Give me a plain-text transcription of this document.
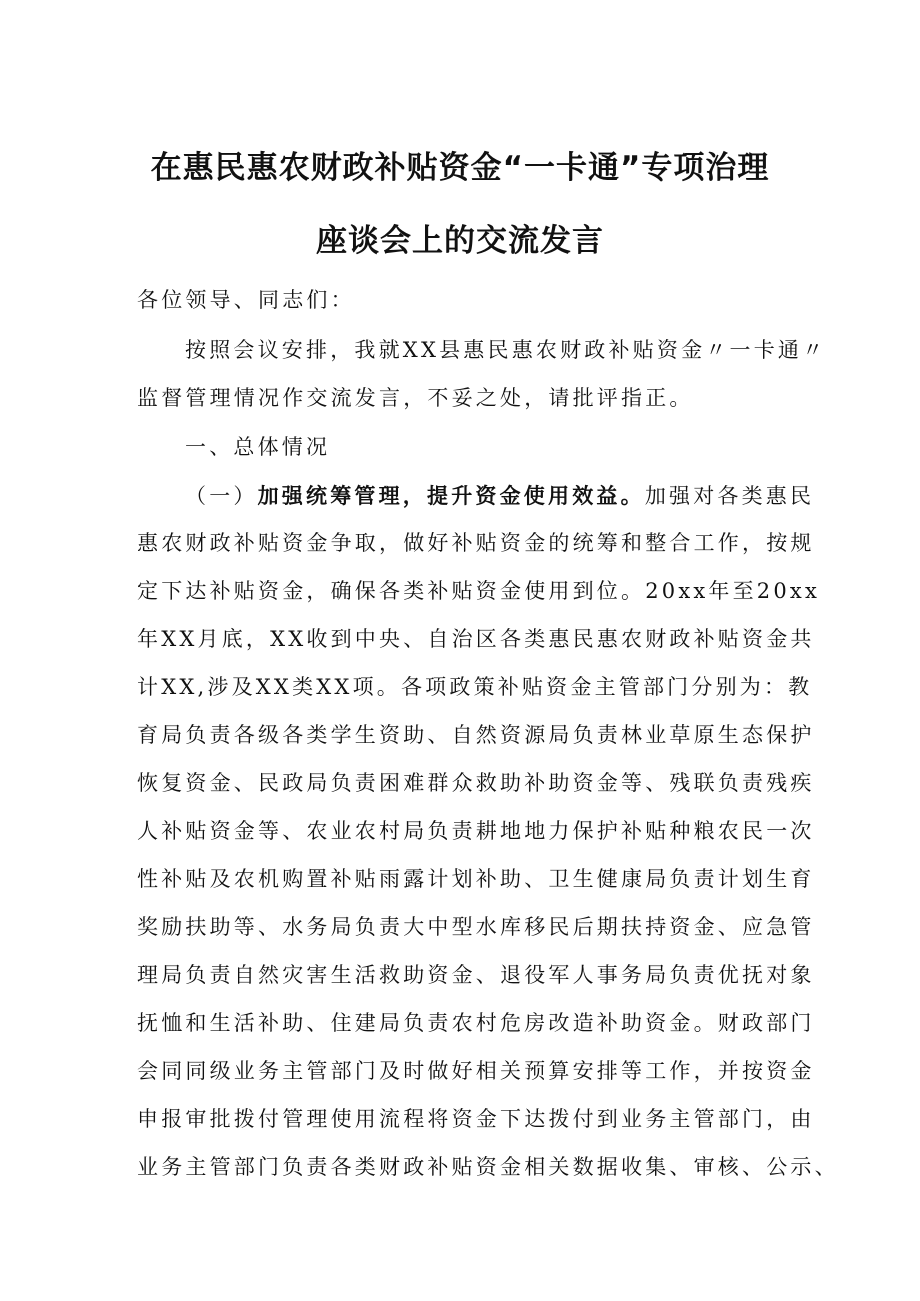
在惠民惠农财政补贴资金“一卡通”专项治理
座谈会上的交流发言
各位领导、同志们：
按照会议安排，我就XX县惠民惠农财政补贴资金〃一卡通〃
监督管理情况作交流发言，不妥之处，请批评指正。
一、总体情况
（一）加强统筹管理，提升资金使用效益。加强对各类惠民
惠农财政补贴资金争取，做好补贴资金的统筹和整合工作，按规
定下达补贴资金，确保各类补贴资金使用到位。20xx年至20xx
年XX月底，XX收到中央、自治区各类惠民惠农财政补贴资金共
计XX,涉及XX类XX项。各项政策补贴资金主管部门分别为：教
育局负责各级各类学生资助、自然资源局负责林业草原生态保护
恢复资金、民政局负责困难群众救助补助资金等、残联负责残疾
人补贴资金等、农业农村局负责耕地地力保护补贴种粮农民一次
性补贴及农机购置补贴雨露计划补助、卫生健康局负责计划生育
奖励扶助等、水务局负责大中型水库移民后期扶持资金、应急管
理局负责自然灾害生活救助资金、退役军人事务局负责优抚对象
抚恤和生活补助、住建局负责农村危房改造补助资金。财政部门
会同同级业务主管部门及时做好相关预算安排等工作，并按资金
申报审批拨付管理使用流程将资金下达拨付到业务主管部门，由
业务主管部门负责各类财政补贴资金相关数据收集、审核、公示、
